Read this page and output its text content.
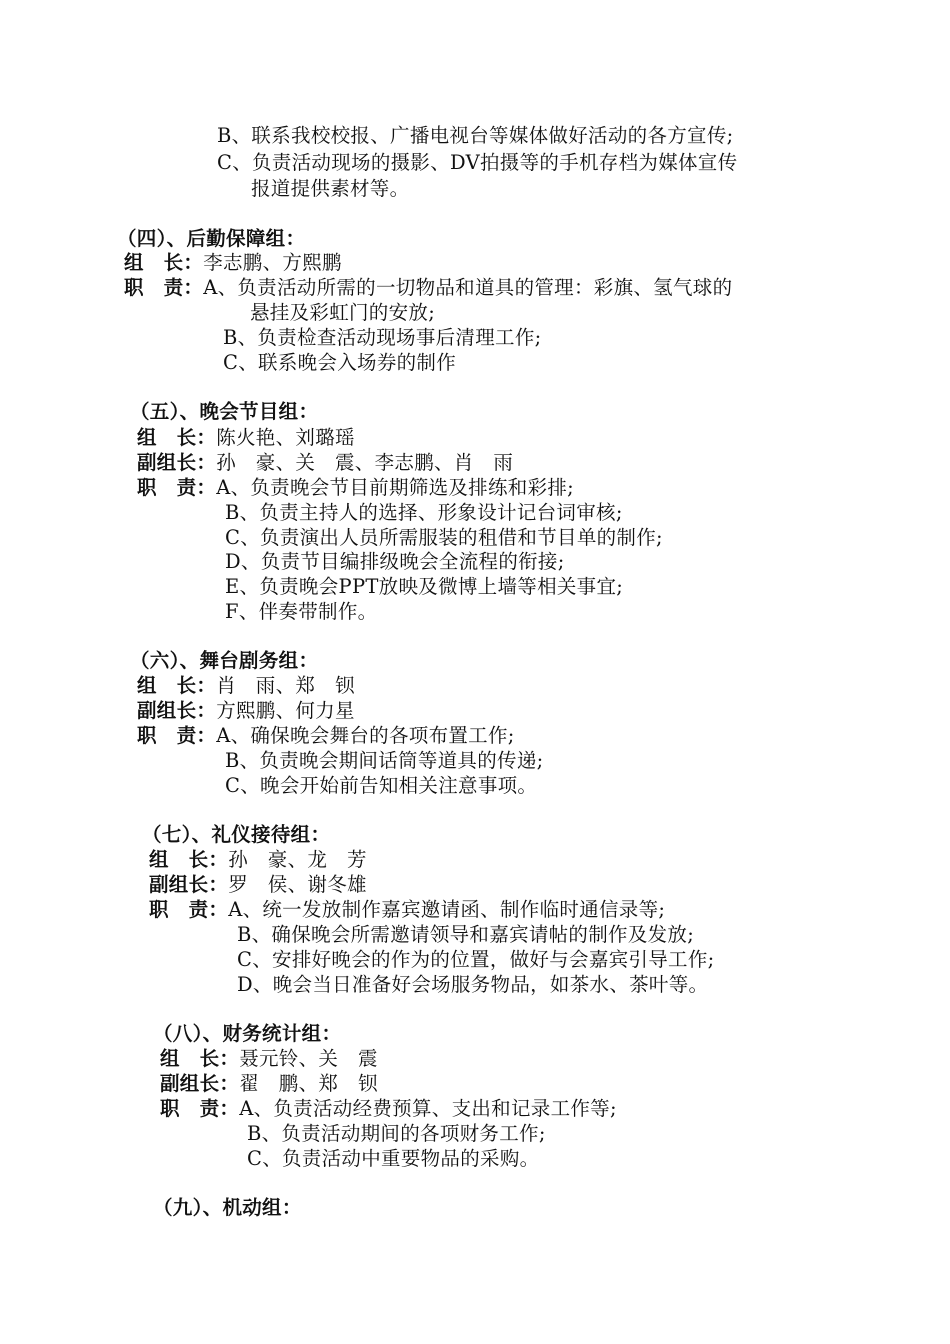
B、联系我校校报、广播电视台等媒体做好活动的各方宣传;
C、负责活动现场的摄影、DV拍摄等的手机存档为媒体宣传
报道提供素材等。
（四）、后勤保障组：
组　长：李志鹏、方熙鹏
职　责：A、负责活动所需的一切物品和道具的管理：彩旗、氢气球的
悬挂及彩虹门的安放;
B、负责检查活动现场事后清理工作;
C、联系晚会入场券的制作
（五）、晚会节目组：
组　长：陈火艳、刘璐瑶
副组长：孙　豪、关　震、李志鹏、肖　雨
职　责：A、负责晚会节目前期筛选及排练和彩排;
B、负责主持人的选择、形象设计记台词审核;
C、负责演出人员所需服装的租借和节目单的制作;
D、负责节目编排级晚会全流程的衔接;
E、负责晚会PPT放映及微博上墙等相关事宜;
F、伴奏带制作。
（六）、舞台剧务组：
组　长：肖　雨、郑　钡
副组长：方熙鹏、何力星
职　责：A、确保晚会舞台的各项布置工作;
B、负责晚会期间话筒等道具的传递;
C、晚会开始前告知相关注意事项。
（七）、礼仪接待组：
组　长：孙　豪、龙　芳
副组长：罗　侯、谢冬雄
职　责：A、统一发放制作嘉宾邀请函、制作临时通信录等;
B、确保晚会所需邀请领导和嘉宾请帖的制作及发放;
C、安排好晚会的作为的位置，做好与会嘉宾引导工作;
D、晚会当日准备好会场服务物品，如茶水、茶叶等。
（八）、财务统计组：
组　长：聂元铃、关　震
副组长：翟　鹏、郑　钡
职　责：A、负责活动经费预算、支出和记录工作等;
B、负责活动期间的各项财务工作;
C、负责活动中重要物品的采购。
（九）、机动组：
